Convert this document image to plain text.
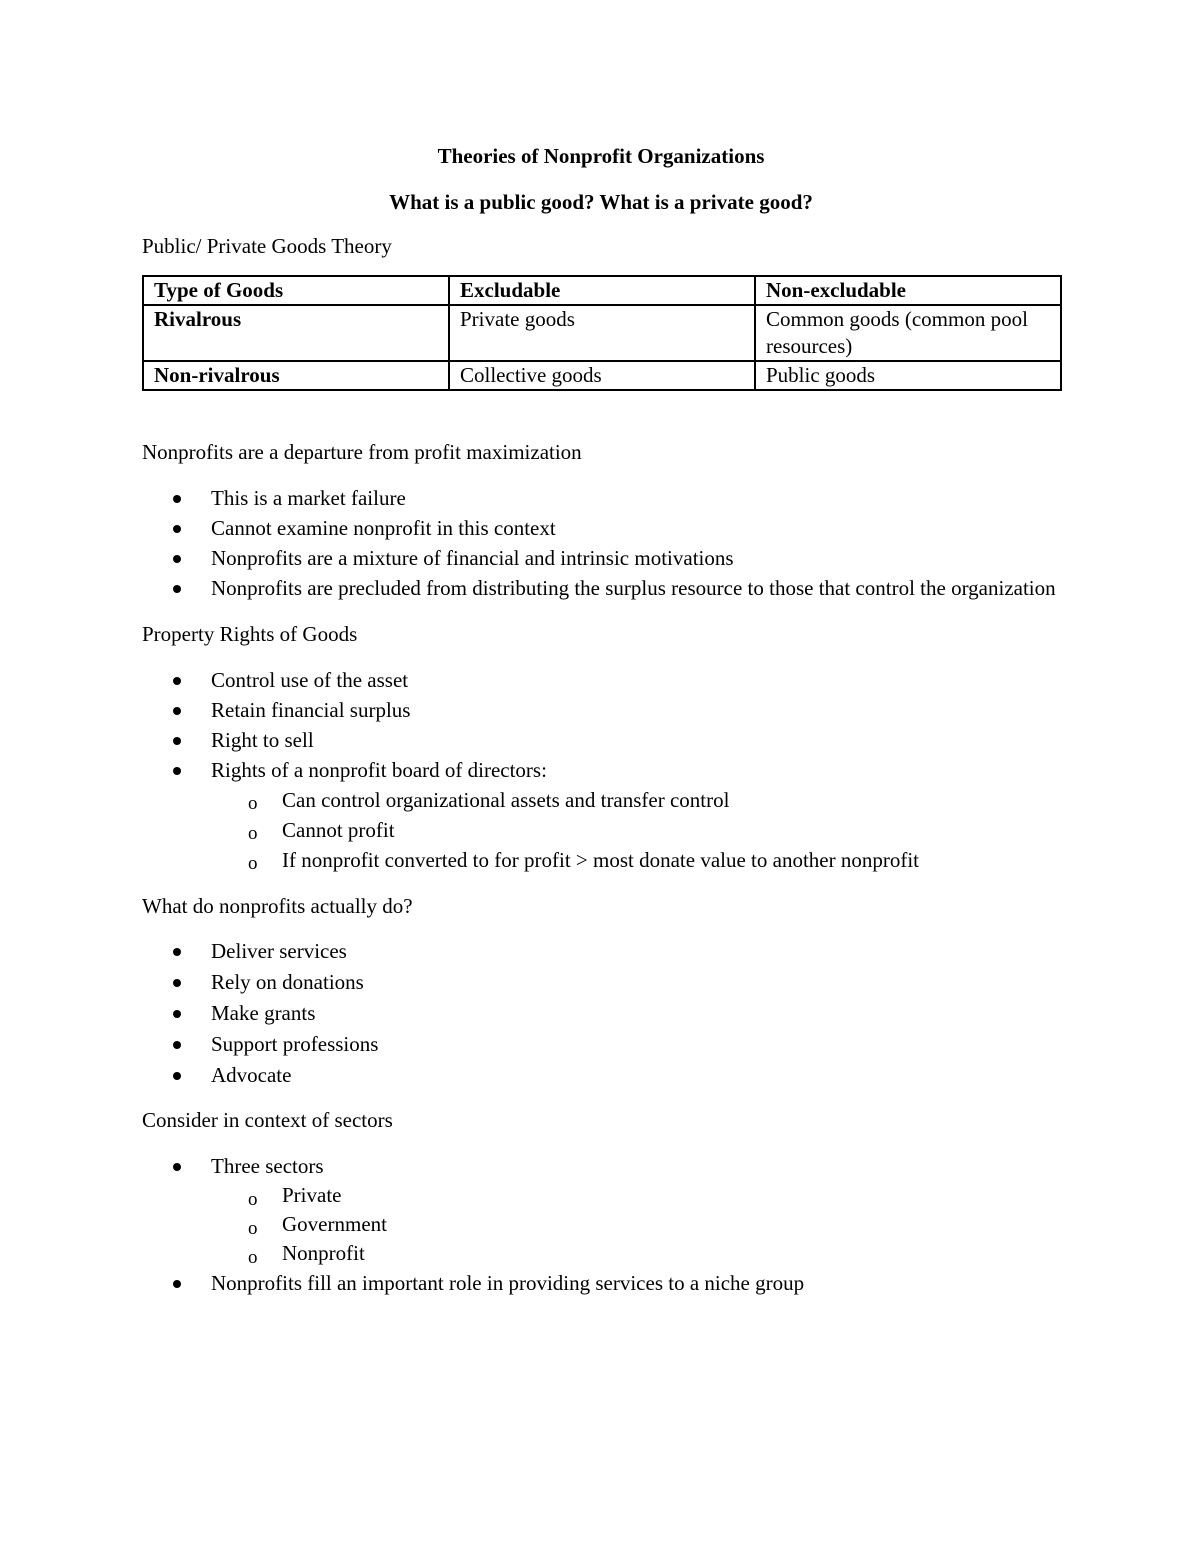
Theories of Nonprofit Organizations

What is a public good? What is a private good?

Public/ Private Goods Theory

Type of Goods	Excludable	Non-excludable
Rivalrous	Private goods	Common goods (common pool resources)
Non-rivalrous	Collective goods	Public goods

Nonprofits are a departure from profit maximization

This is a market failure
Cannot examine nonprofit in this context
Nonprofits are a mixture of financial and intrinsic motivations
Nonprofits are precluded from distributing the surplus resource to those that control the organization

Property Rights of Goods

Control use of the asset
Retain financial surplus
Right to sell
Rights of a nonprofit board of directors:
o Can control organizational assets and transfer control
o Cannot profit
o If nonprofit converted to for profit > most donate value to another nonprofit

What do nonprofits actually do?

Deliver services
Rely on donations
Make grants
Support professions
Advocate

Consider in context of sectors

Three sectors
o Private
o Government
o Nonprofit
Nonprofits fill an important role in providing services to a niche group
